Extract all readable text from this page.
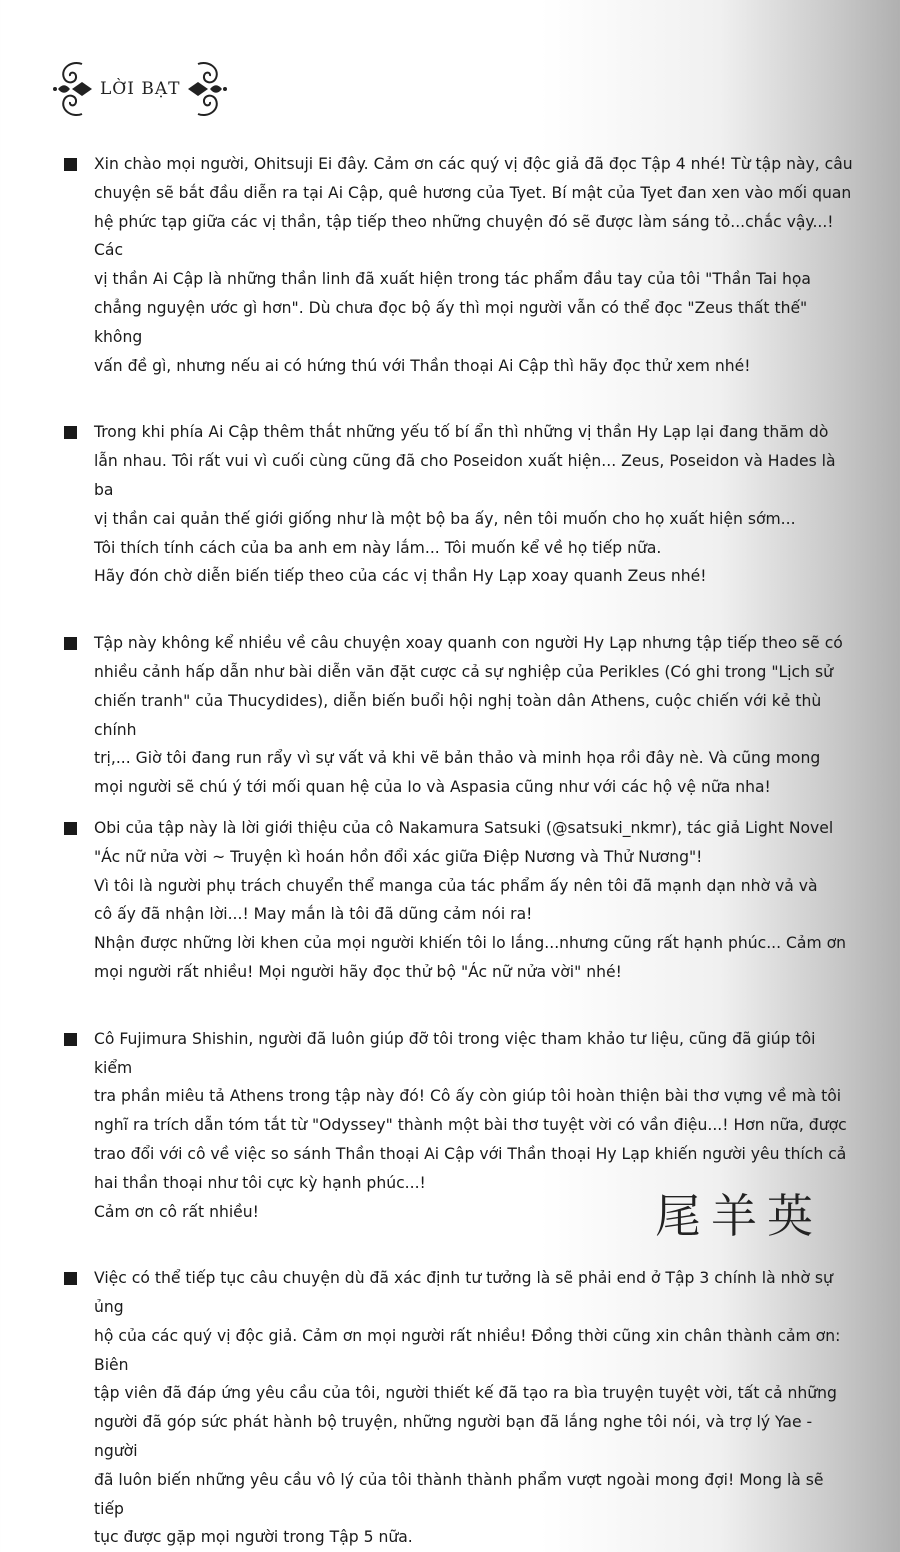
LỜI BẠT

Xin chào mọi người, Ohitsuji Ei đây. Cảm ơn các quý vị độc giả đã đọc Tập 4 nhé! Từ tập này, câu

chuyện sẽ bắt đầu diễn ra tại Ai Cập, quê hương của Tyet. Bí mật của Tyet đan xen vào mối quan

hệ phức tạp giữa các vị thần, tập tiếp theo những chuyện đó sẽ được làm sáng tỏ...chắc vậy...! Các

vị thần Ai Cập là những thần linh đã xuất hiện trong tác phẩm đầu tay của tôi "Thần Tai họa

chẳng nguyện ước gì hơn". Dù chưa đọc bộ ấy thì mọi người vẫn có thể đọc "Zeus thất thế" không

vấn đề gì, nhưng nếu ai có hứng thú với Thần thoại Ai Cập thì hãy đọc thử xem nhé!

Trong khi phía Ai Cập thêm thắt những yếu tố bí ẩn thì những vị thần Hy Lạp lại đang thăm dò

lẫn nhau. Tôi rất vui vì cuối cùng cũng đã cho Poseidon xuất hiện... Zeus, Poseidon và Hades là ba

vị thần cai quản thế giới giống như là một bộ ba ấy, nên tôi muốn cho họ xuất hiện sớm...

Tôi thích tính cách của ba anh em này lắm... Tôi muốn kể về họ tiếp nữa.

Hãy đón chờ diễn biến tiếp theo của các vị thần Hy Lạp xoay quanh Zeus nhé!

Tập này không kể nhiều về câu chuyện xoay quanh con người Hy Lạp nhưng tập tiếp theo sẽ có

nhiều cảnh hấp dẫn như bài diễn văn đặt cược cả sự nghiệp của Perikles (Có ghi trong "Lịch sử

chiến tranh" của Thucydides), diễn biến buổi hội nghị toàn dân Athens, cuộc chiến với kẻ thù chính

trị,... Giờ tôi đang run rẩy vì sự vất vả khi vẽ bản thảo và minh họa rồi đây nè. Và cũng mong

mọi người sẽ chú ý tới mối quan hệ của Io và Aspasia cũng như với các hộ vệ nữa nha!

Obi của tập này là lời giới thiệu của cô Nakamura Satsuki (@satsuki_nkmr), tác giả Light Novel

"Ác nữ nửa vời ~ Truyện kì hoán hồn đổi xác giữa Điệp Nương và Thử Nương"!

Vì tôi là người phụ trách chuyển thể manga của tác phẩm ấy nên tôi đã mạnh dạn nhờ vả và

cô ấy đã nhận lời...! May mắn là tôi đã dũng cảm nói ra!

Nhận được những lời khen của mọi người khiến tôi lo lắng...nhưng cũng rất hạnh phúc... Cảm ơn

mọi người rất nhiều! Mọi người hãy đọc thử bộ "Ác nữ nửa vời" nhé!

Cô Fujimura Shishin, người đã luôn giúp đỡ tôi trong việc tham khảo tư liệu, cũng đã giúp tôi kiểm

tra phần miêu tả Athens trong tập này đó! Cô ấy còn giúp tôi hoàn thiện bài thơ vựng về mà tôi

nghĩ ra trích dẫn tóm tắt từ "Odyssey" thành một bài thơ tuyệt vời có vần điệu...! Hơn nữa, được

trao đổi với cô về việc so sánh Thần thoại Ai Cập với Thần thoại Hy Lạp khiến người yêu thích cả

hai thần thoại như tôi cực kỳ hạnh phúc...!

Cảm ơn cô rất nhiều!

Việc có thể tiếp tục câu chuyện dù đã xác định tư tưởng là sẽ phải end ở Tập 3 chính là nhờ sự ủng

hộ của các quý vị độc giả. Cảm ơn mọi người rất nhiều! Đồng thời cũng xin chân thành cảm ơn: Biên

tập viên đã đáp ứng yêu cầu của tôi, người thiết kế đã tạo ra bìa truyện tuyệt vời, tất cả những

người đã góp sức phát hành bộ truyện, những người bạn đã lắng nghe tôi nói, và trợ lý Yae - người

đã luôn biến những yêu cầu vô lý của tôi thành thành phẩm vượt ngoài mong đợi! Mong là sẽ tiếp

tục được gặp mọi người trong Tập 5 nữa.

尾羊英
